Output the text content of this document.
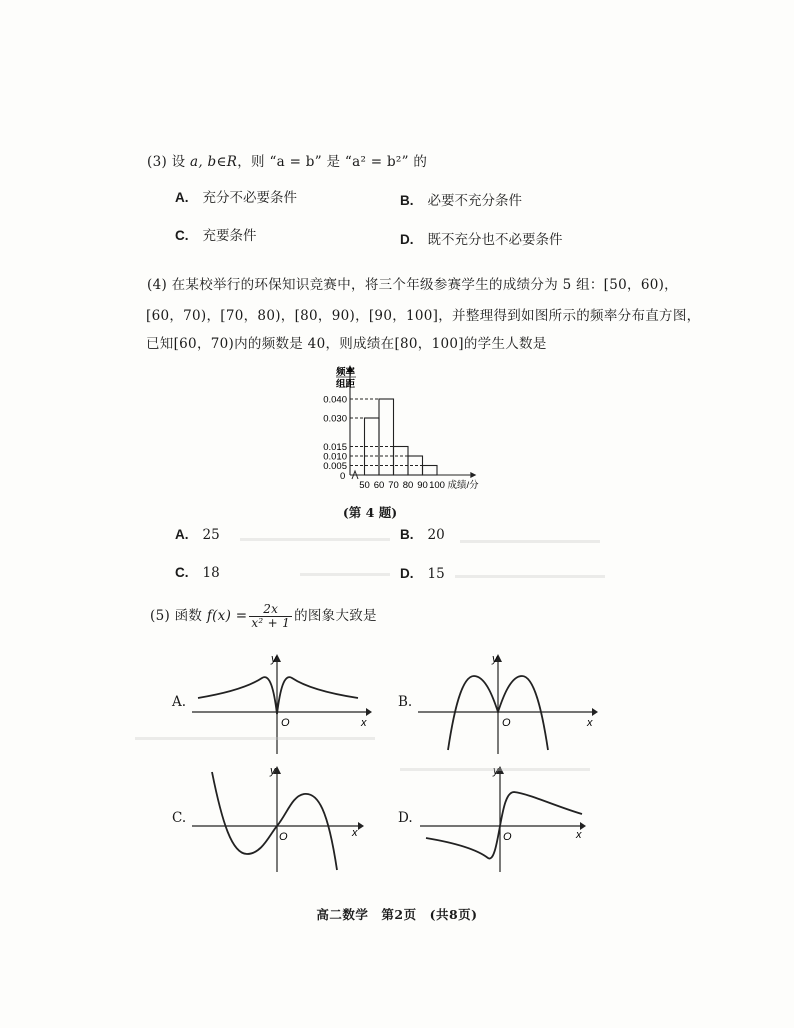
(3) 设 a, b∈R，则 “a = b” 是 “a² = b²” 的
A. 充分不必要条件	B. 必要不充分条件
C. 充要条件	D. 既不充分也不必要条件
(4) 在某校举行的环保知识竞赛中，将三个年级参赛学生的成绩分为 5 组：[50，60)，
[60，70)，[70，80)，[80，90)，[90，100]，并整理得到如图所示的频率分布直方图，
已知[60，70)内的频数是 40，则成绩在[80，100]的学生人数是
频率
组距
0
0.040
0.030
0.015
0.010
0.005
50 60 70 80 90 100 成绩/分
(第 4 题)
A. 25	B. 20
C. 18	D. 15
(5) 函数 $f(x) = \frac{2x}{\text{x² + 1}}$ 的图象大致是
A.
y
x
O
B.
y
x
O
C.
y
x
O
D.
y
x
O
高二数学　第2页　(共8页)
